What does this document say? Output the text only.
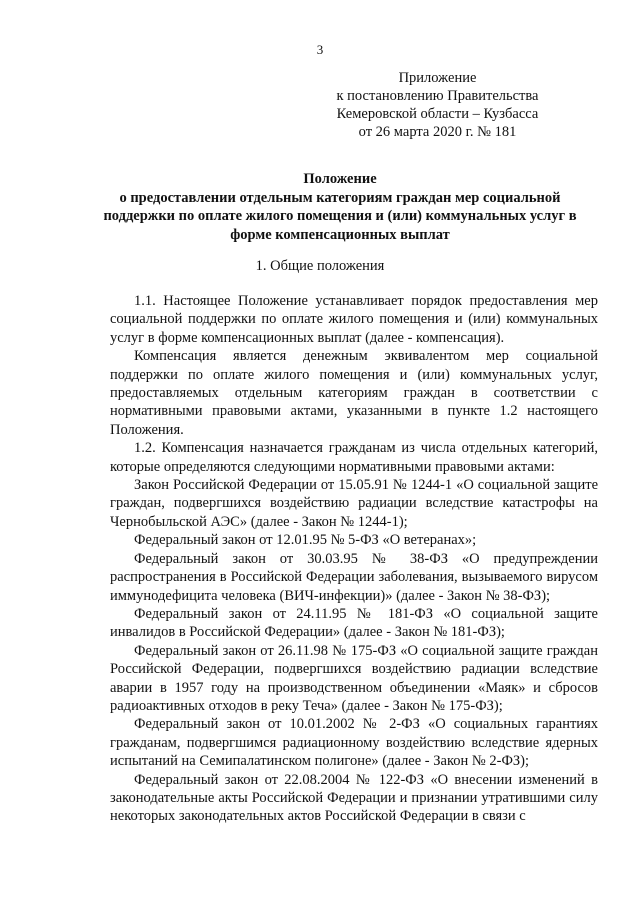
3
Приложение
к постановлению Правительства
Кемеровской области – Кузбасса
от 26 марта 2020 г. № 181
Положение
о предоставлении отдельным категориям граждан мер социальной
поддержки по оплате жилого помещения и (или) коммунальных услуг в
форме компенсационных выплат
1. Общие положения

1.1. Настоящее Положение устанавливает порядок предоставления мер социальной поддержки по оплате жилого помещения и (или) коммунальных услуг в форме компенсационных выплат (далее - компенсация).

Компенсация является денежным эквивалентом мер социальной поддержки по оплате жилого помещения и (или) коммунальных услуг, предоставляемых отдельным категориям граждан в соответствии с нормативными правовыми актами, указанными в пункте 1.2 настоящего Положения.

1.2. Компенсация назначается гражданам из числа отдельных категорий, которые определяются следующими нормативными правовыми актами:

Закон Российской Федерации от 15.05.91 № 1244-1 «О социальной защите граждан, подвергшихся воздействию радиации вследствие катастрофы на Чернобыльской АЭС» (далее - Закон № 1244-1);

Федеральный закон от 12.01.95 № 5-ФЗ «О ветеранах»;

Федеральный закон от 30.03.95 № 38-ФЗ «О предупреждении распространения в Российской Федерации заболевания, вызываемого вирусом иммунодефицита человека (ВИЧ-инфекции)» (далее - Закон № 38-ФЗ);

Федеральный закон от 24.11.95 № 181-ФЗ «О социальной защите инвалидов в Российской Федерации» (далее - Закон № 181-ФЗ);

Федеральный закон от 26.11.98 № 175-ФЗ «О социальной защите граждан Российской Федерации, подвергшихся воздействию радиации вследствие аварии в 1957 году на производственном объединении «Маяк» и сбросов радиоактивных отходов в реку Теча» (далее - Закон № 175-ФЗ);

Федеральный закон от 10.01.2002 № 2-ФЗ «О социальных гарантиях гражданам, подвергшимся радиационному воздействию вследствие ядерных испытаний на Семипалатинском полигоне» (далее - Закон № 2-ФЗ);

Федеральный закон от 22.08.2004 № 122-ФЗ «О внесении изменений в законодательные акты Российской Федерации и признании утратившими силу некоторых законодательных актов Российской Федерации в связи с
